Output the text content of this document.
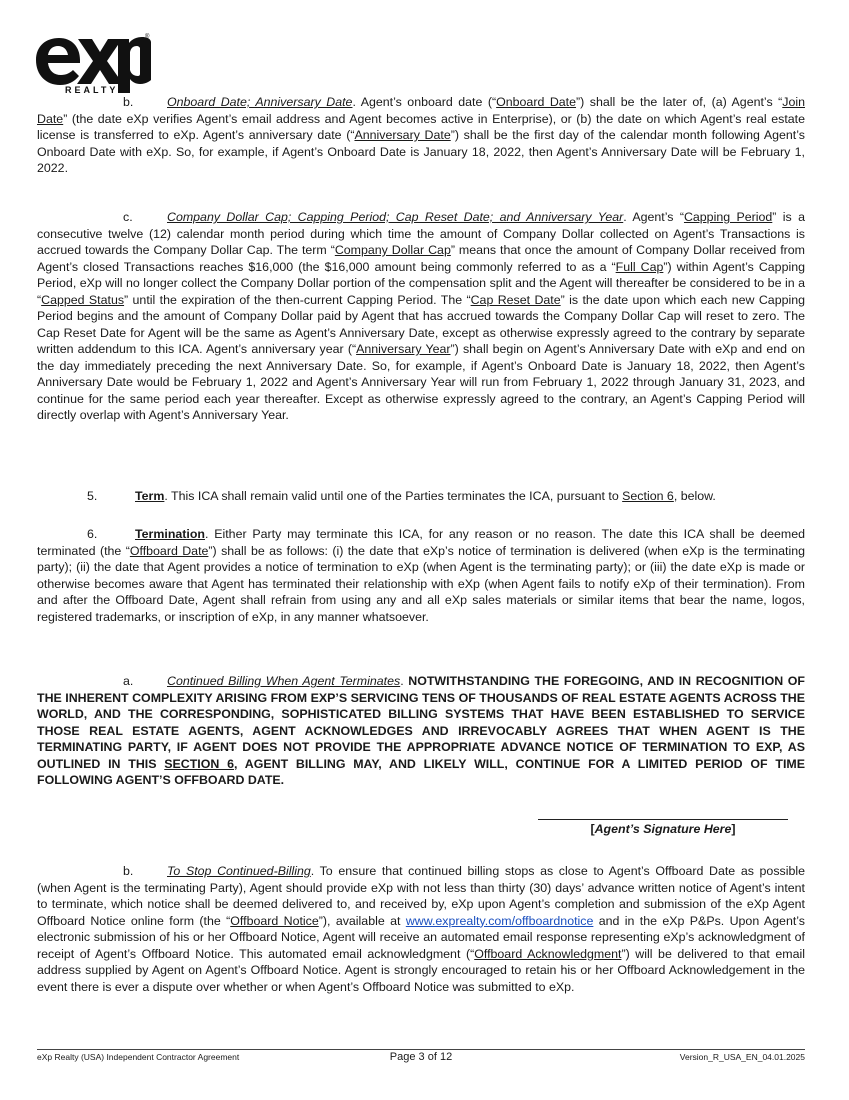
REALTY
®

b.	Onboard Date; Anniversary Date. Agent’s onboard date (“Onboard Date”) shall be the later of, (a) Agent’s “Join Date” (the date eXp verifies Agent’s email address and Agent becomes active in Enterprise), or (b) the date on which Agent’s real estate license is transferred to eXp. Agent’s anniversary date (“Anniversary Date”) shall be the first day of the calendar month following Agent’s Onboard Date with eXp. So, for example, if Agent’s Onboard Date is January 18, 2022, then Agent’s Anniversary Date will be February 1, 2022.

c.	Company Dollar Cap; Capping Period; Cap Reset Date; and Anniversary Year. Agent’s “Capping Period” is a consecutive twelve (12) calendar month period during which time the amount of Company Dollar collected on Agent’s Transactions is accrued towards the Company Dollar Cap. The term “Company Dollar Cap” means that once the amount of Company Dollar received from Agent’s closed Transactions reaches $16,000 (the $16,000 amount being commonly referred to as a “Full Cap”) within Agent’s Capping Period, eXp will no longer collect the Company Dollar portion of the compensation split and the Agent will thereafter be considered to be in a “Capped Status” until the expiration of the then-current Capping Period. The “Cap Reset Date” is the date upon which each new Capping Period begins and the amount of Company Dollar paid by Agent that has accrued towards the Company Dollar Cap will reset to zero. The Cap Reset Date for Agent will be the same as Agent’s Anniversary Date, except as otherwise expressly agreed to the contrary by separate written addendum to this ICA. Agent’s anniversary year (“Anniversary Year”) shall begin on Agent’s Anniversary Date with eXp and end on the day immediately preceding the next Anniversary Date. So, for example, if Agent’s Onboard Date is January 18, 2022, then Agent’s Anniversary Date would be February 1, 2022 and Agent’s Anniversary Year will run from February 1, 2022 through January 31, 2023, and continue for the same period each year thereafter. Except as otherwise expressly agreed to the contrary, an Agent’s Capping Period will directly overlap with Agent’s Anniversary Year.

5.	Term. This ICA shall remain valid until one of the Parties terminates the ICA, pursuant to Section 6, below.

6.	Termination. Either Party may terminate this ICA, for any reason or no reason. The date this ICA shall be deemed terminated (the “Offboard Date”) shall be as follows: (i) the date that eXp’s notice of termination is delivered (when eXp is the terminating party); (ii) the date that Agent provides a notice of termination to eXp (when Agent is the terminating party); or (iii) the date eXp is made or otherwise becomes aware that Agent has terminated their relationship with eXp (when Agent fails to notify eXp of their termination). From and after the Offboard Date, Agent shall refrain from using any and all eXp sales materials or similar items that bear the name, logos, registered trademarks, or inscription of eXp, in any manner whatsoever.

a.	Continued Billing When Agent Terminates. NOTWITHSTANDING THE FOREGOING, AND IN RECOGNITION OF THE INHERENT COMPLEXITY ARISING FROM EXP’S SERVICING TENS OF THOUSANDS OF REAL ESTATE AGENTS ACROSS THE WORLD, AND THE CORRESPONDING, SOPHISTICATED BILLING SYSTEMS THAT HAVE BEEN ESTABLISHED TO SERVICE THOSE REAL ESTATE AGENTS, AGENT ACKNOWLEDGES AND IRREVOCABLY AGREES THAT WHEN AGENT IS THE TERMINATING PARTY, IF AGENT DOES NOT PROVIDE THE APPROPRIATE ADVANCE NOTICE OF TERMINATION TO EXP, AS OUTLINED IN THIS SECTION 6, AGENT BILLING MAY, AND LIKELY WILL, CONTINUE FOR A LIMITED PERIOD OF TIME FOLLOWING AGENT’S OFFBOARD DATE.

[Agent’s Signature Here]

b.	To Stop Continued-Billing. To ensure that continued billing stops as close to Agent’s Offboard Date as possible (when Agent is the terminating Party), Agent should provide eXp with not less than thirty (30) days’ advance written notice of Agent’s intent to terminate, which notice shall be deemed delivered to, and received by, eXp upon Agent’s completion and submission of the eXp Agent Offboard Notice online form (the “Offboard Notice”), available at www.exprealty.com/offboardnotice and in the eXp P&Ps. Upon Agent’s electronic submission of his or her Offboard Notice, Agent will receive an automated email response representing eXp’s acknowledgment of receipt of Agent’s Offboard Notice. This automated email acknowledgment (“Offboard Acknowledgment”) will be delivered to that email address supplied by Agent on Agent’s Offboard Notice. Agent is strongly encouraged to retain his or her Offboard Acknowledgement in the event there is ever a dispute over whether or when Agent’s Offboard Notice was submitted to eXp.

eXp Realty (USA) Independent Contractor Agreement	Page 3 of 12	Version_R_USA_EN_04.01.2025
